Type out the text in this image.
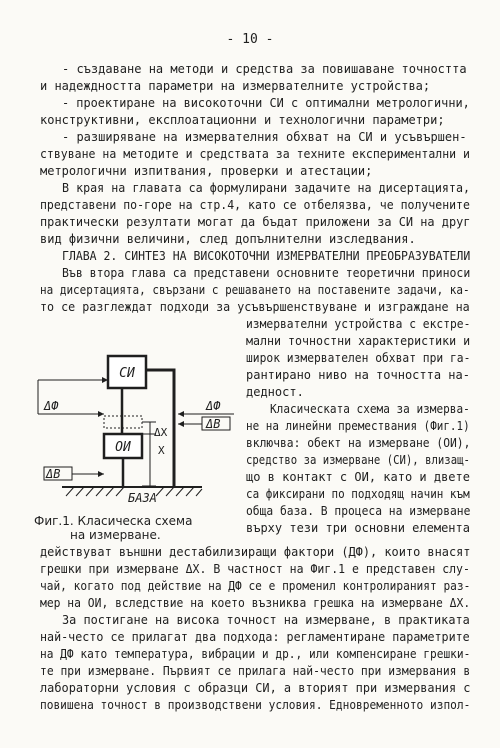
- 10 -
- създаване на методи и средства за повишаване точността
и надеждността параметри на измервателните устройства;
- проектиране на високоточни СИ с оптимални метрологични,
конструктивни, експлоатационни и технологични параметри;
- разширяване на измервателния обхват на СИ и усъвършен-
ствуване на методите и средствата за техните експериментални и
метрологични изпитвания, проверки и атестации;
В края на главата са формулирани задачите на дисертацията,
представени по-горе на стр.4, като се отбелязва, че получените
практически резултати могат да бъдат приложени за СИ на друг
вид физични величини, след допълнителни изследвания.
ГЛАВА 2. СИНТЕЗ НА ВИСОКОТОЧНИ ИЗМЕРВАТЕЛНИ ПРЕОБРАЗУВАТЕЛИ
Във втора глава са представени основните теоретични приноси
на дисертацията, свързани с решаването на поставените задачи, ка-
то се разглеждат подходи за усъвършенствуване и изграждане на
измервателни устройства с екстре-
мални точностни характеристики и
широк измервателен обхват при га-
рантирано ниво на точността на-
дедност.
Класическата схема за измерва-
не на линейни премествания (Фиг.1)
включва: обект на измерване (ОИ),
средство за измерване (СИ), влизащ-
що в контакт с ОИ, като и двете
са фиксирани по подходящ начин към
обща база. В процеса на измерване
върху тези три основни елемента
СИ
ОИ
ΔX
X
ΔФ
ΔВ
ΔФ
ΔВ
БАЗА
Фиг.1. Класическа схема
на измерване.
действуват външни дестабилизиращи фактори (ДФ), които внасят
грешки при измерване ΔX. В частност на Фиг.1 е представен слу-
чай, когато под действие на ДФ се е променил контролираният раз-
мер на ОИ, вследствие на което възниква грешка на измерване ΔX.
За постигане на висока точност на измерване, в практиката
най-често се прилагат два подхода: регламентиране параметрите
на ДФ като температура, вибрации и др., или компенсиране грешки-
те при измерване. Първият се прилага най-често при измервания в
лабораторни условия с образци СИ, а вторият при измервания с
повишена точност в производствени условия. Едновременното изпол-
